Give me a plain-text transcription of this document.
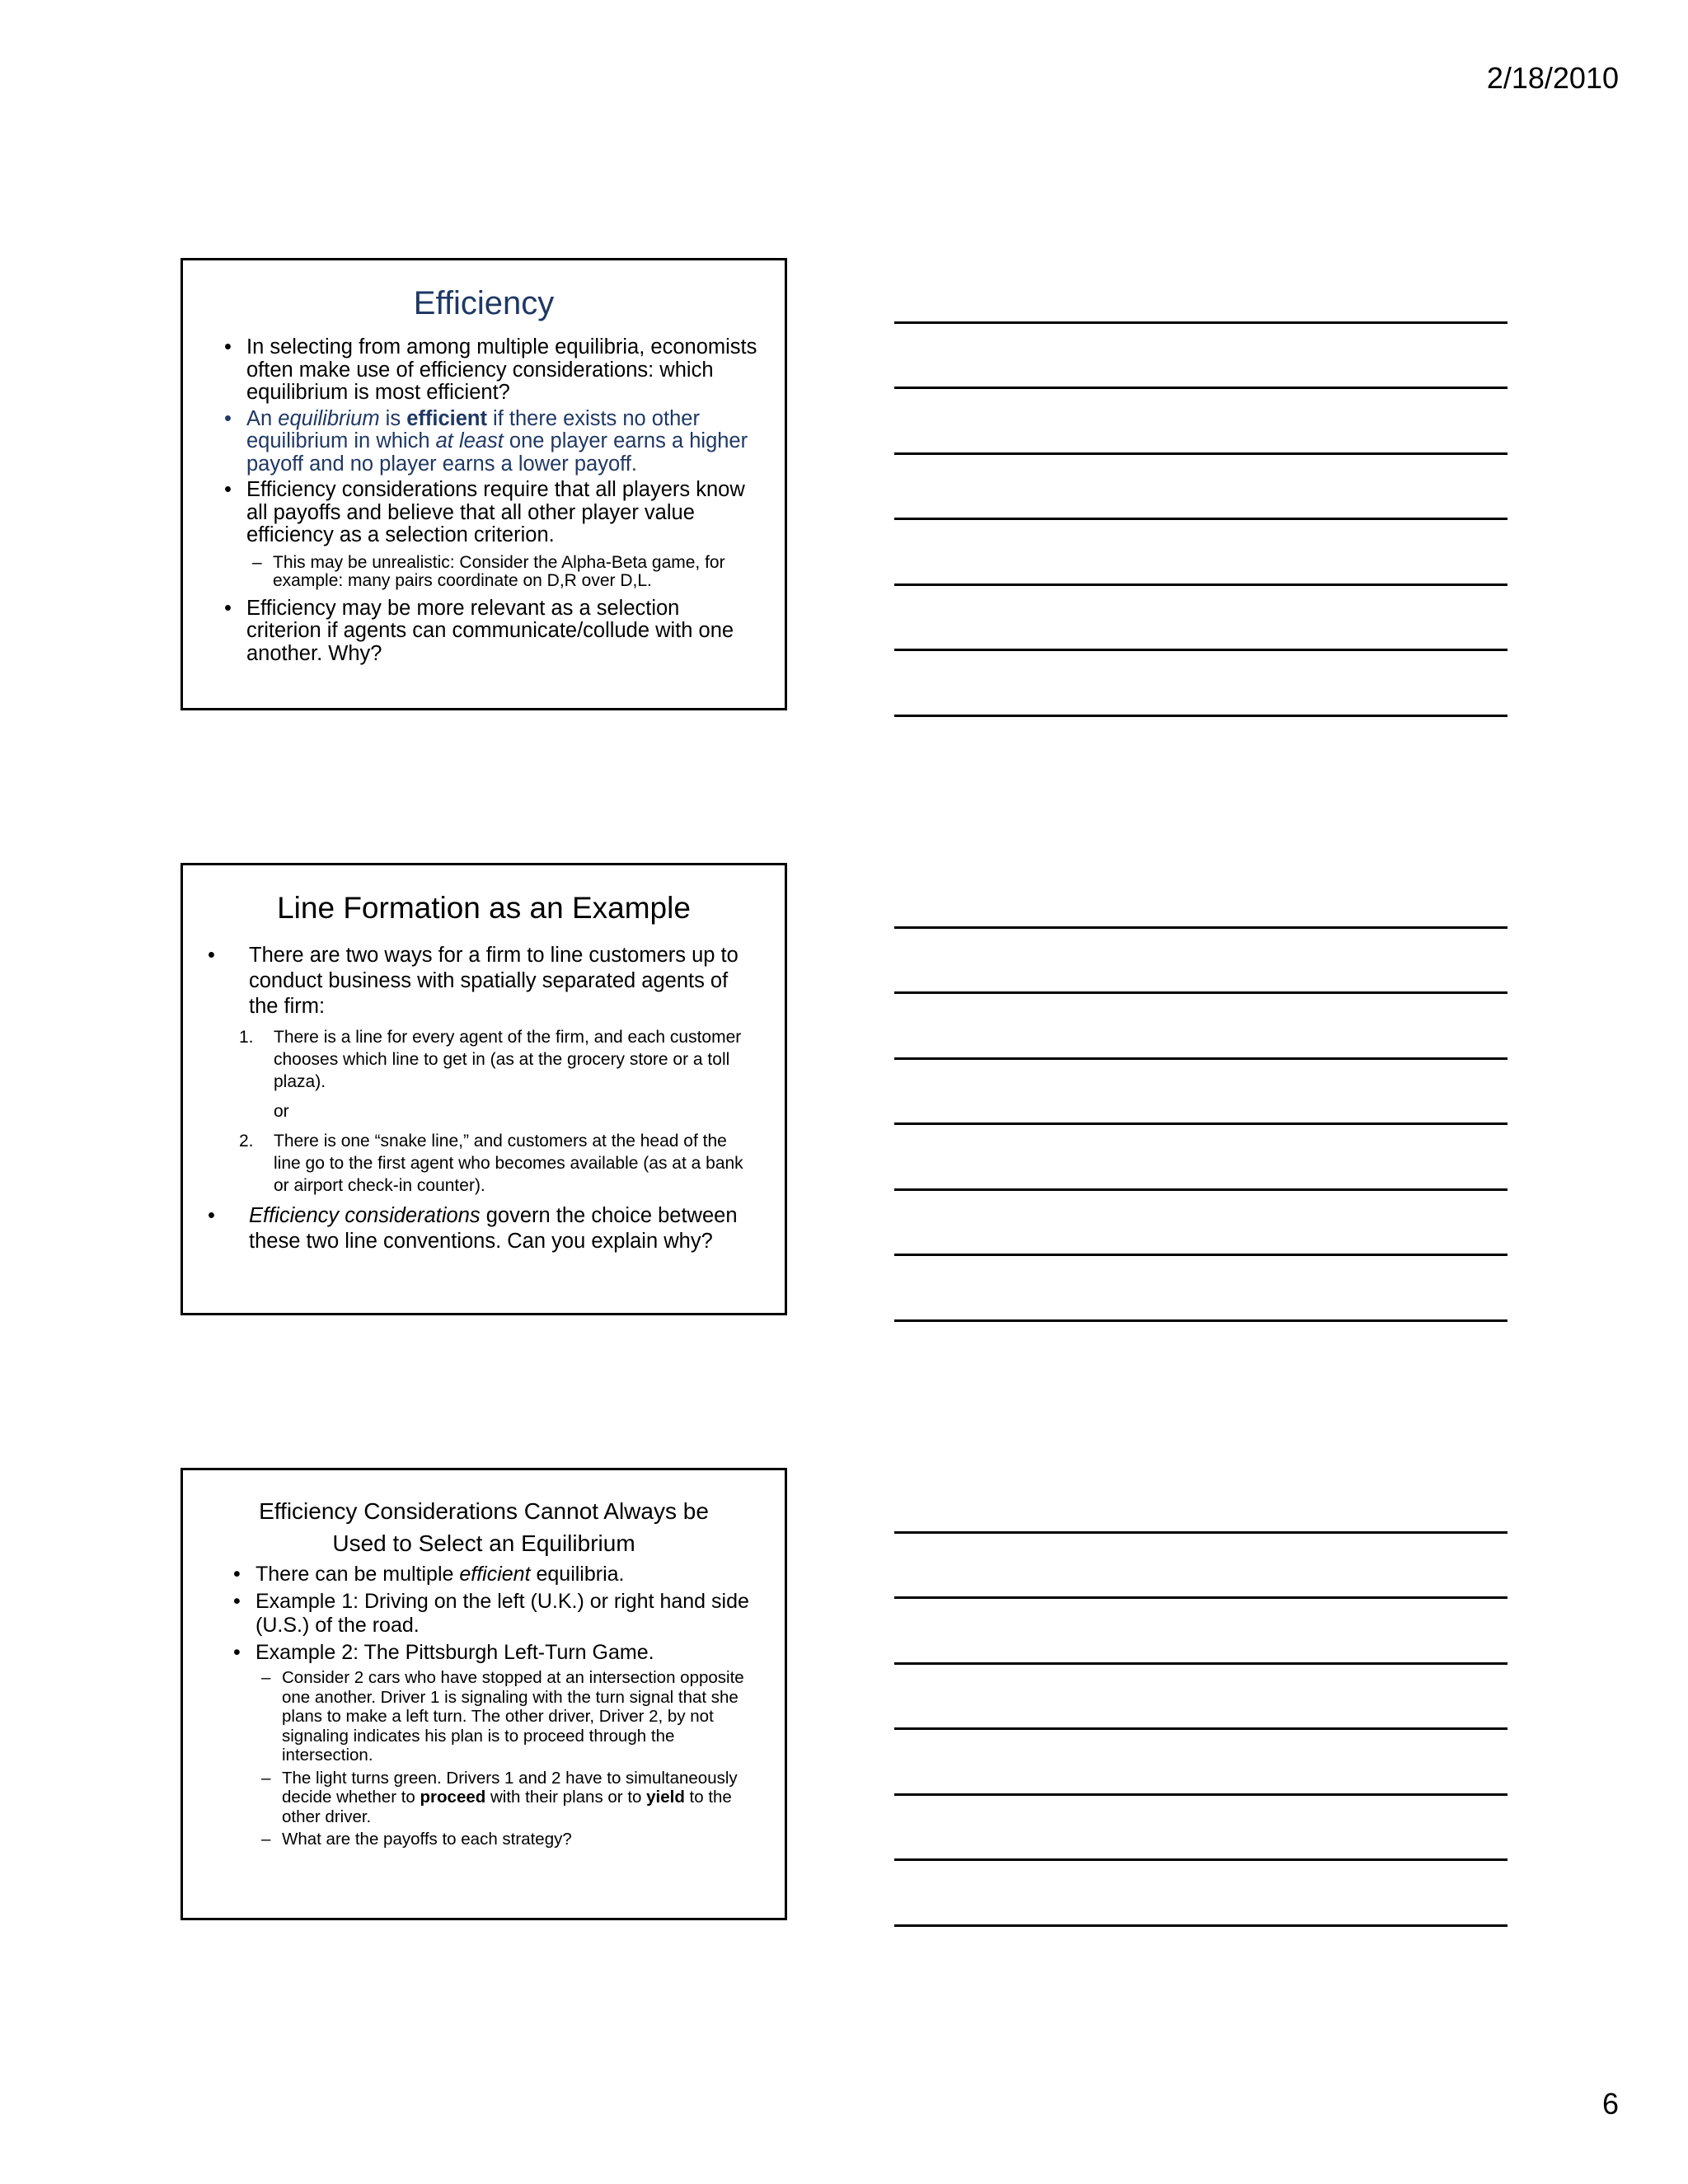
2/18/2010
Efficiency

• In selecting from among multiple equilibria, economists often make use of efficiency considerations: which equilibrium is most efficient?

• An equilibrium is efficient if there exists no other equilibrium in which at least one player earns a higher payoff and no player earns a lower payoff.

• Efficiency considerations require that all players know all payoffs and believe that all other player value efficiency as a selection criterion.

– This may be unrealistic: Consider the Alpha-Beta game, for example: many pairs coordinate on D,R over D,L.

• Efficiency may be more relevant as a selection criterion if agents can communicate/collude with one another. Why?

Line Formation as an Example

• There are two ways for a firm to line customers up to conduct business with spatially separated agents of the firm:

1. There is a line for every agent of the firm, and each customer chooses which line to get in (as at the grocery store or a toll plaza).

or

2. There is one “snake line,” and customers at the head of the line go to the first agent who becomes available (as at a bank or airport check-in counter).

• Efficiency considerations govern the choice between these two line conventions. Can you explain why?

Efficiency Considerations Cannot Always be
Used to Select an Equilibrium

• There can be multiple efficient equilibria.

• Example 1: Driving on the left (U.K.) or right hand side (U.S.) of the road.

• Example 2: The Pittsburgh Left-Turn Game.

– Consider 2 cars who have stopped at an intersection opposite one another. Driver 1 is signaling with the turn signal that she plans to make a left turn. The other driver, Driver 2, by not signaling indicates his plan is to proceed through the intersection.

– The light turns green. Drivers 1 and 2 have to simultaneously decide whether to proceed with their plans or to yield to the other driver.

– What are the payoffs to each strategy?

6
